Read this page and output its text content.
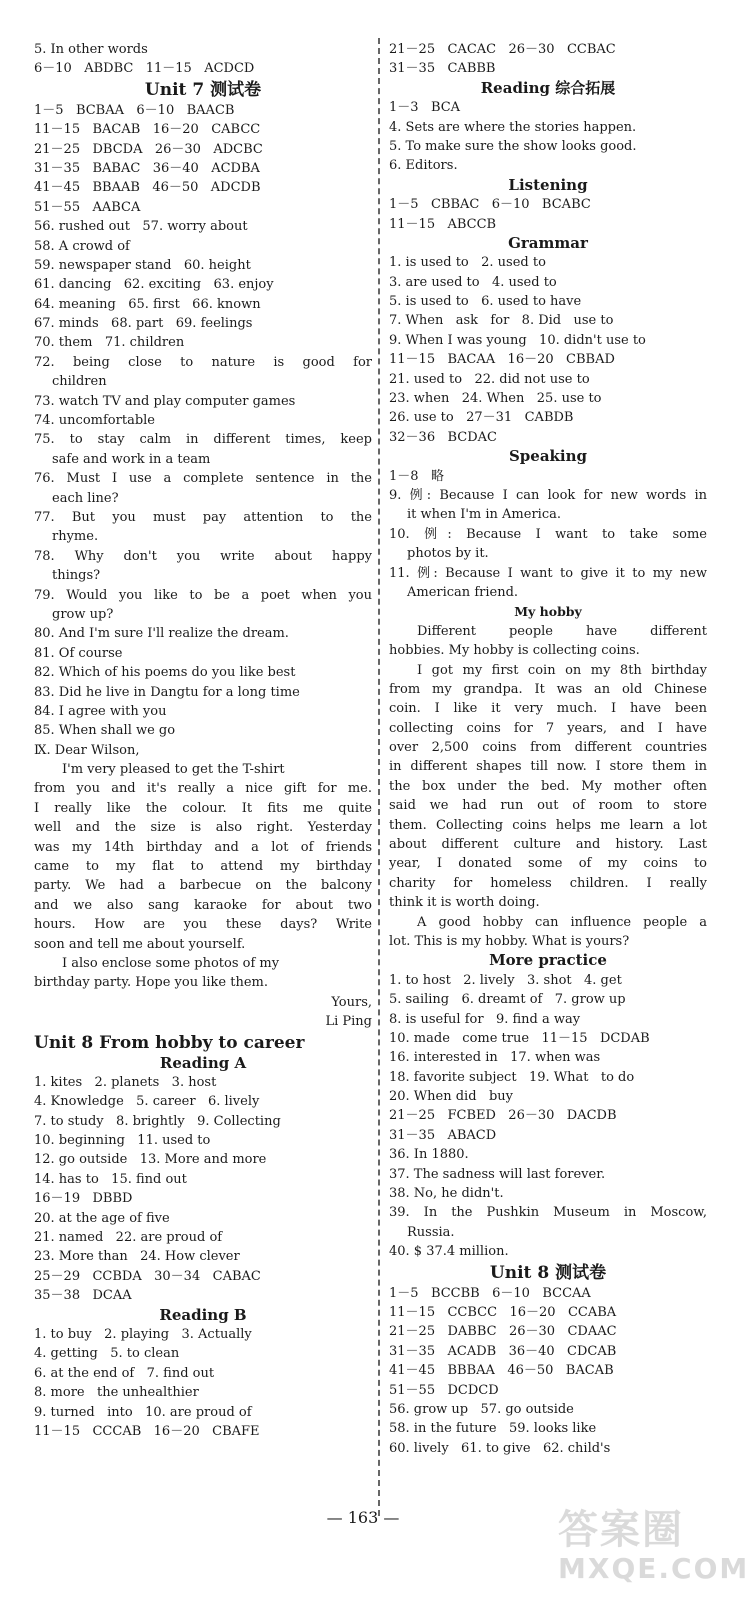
5. In other words
6－10   ABDBC   11－15   ACDCD
Unit 7 测试卷
1－5   BCBAA   6－10   BAACB
11－15   BACAB   16－20   CABCC
21－25   DBCDA   26－30   ADCBC
31－35   BABAC   36－40   ACDBA
41－45   BBAAB   46－50   ADCDB
51－55   AABCA
56. rushed out   57. worry about
58. A crowd of
59. newspaper stand   60. height
61. dancing   62. exciting   63. enjoy
64. meaning   65. first   66. known
67. minds   68. part   69. feelings
70. them   71. children
72. being close to nature is good for
children
73. watch TV and play computer games
74. uncomfortable
75. to stay calm in different times, keep
safe and work in a team
76. Must I use a complete sentence in the
each line?
77. But you must pay attention to the
rhyme.
78. Why don't you write about happy
things?
79. Would you like to be a poet when you
grow up?
80. And I'm sure I'll realize the dream.
81. Of course
82. Which of his poems do you like best
83. Did he live in Dangtu for a long time
84. I agree with you
85. When shall we go
Ⅸ. Dear Wilson,
I'm very pleased to get the T-shirt
from you and it's really a nice gift for me.
I really like the colour. It fits me quite
well and the size is also right. Yesterday
was my 14th birthday and a lot of friends
came to my flat to attend my birthday
party. We had a barbecue on the balcony
and we also sang karaoke for about two
hours. How are you these days? Write
soon and tell me about yourself.
I also enclose some photos of my
birthday party. Hope you like them.
Yours,
Li Ping
Unit 8 From hobby to career
Reading A
1. kites   2. planets   3. host
4. Knowledge   5. career   6. lively
7. to study   8. brightly   9. Collecting
10. beginning   11. used to
12. go outside   13. More and more
14. has to   15. find out
16－19   DBBD
20. at the age of five
21. named   22. are proud of
23. More than   24. How clever
25－29   CCBDA   30－34   CABAC
35－38   DCAA
Reading B
1. to buy   2. playing   3. Actually
4. getting   5. to clean
6. at the end of   7. find out
8. more   the unhealthier
9. turned   into   10. are proud of
11－15   CCCAB   16－20   CBAFE
21－25   CACAC   26－30   CCBAC
31－35   CABBB
Reading 综合拓展
1－3   BCA
4. Sets are where the stories happen.
5. To make sure the show looks good.
6. Editors.
Listening
1－5   CBBAC   6－10   BCABC
11－15   ABCCB
Grammar
1. is used to   2. used to
3. are used to   4. used to
5. is used to   6. used to have
7. When   ask   for   8. Did   use to
9. When I was young   10. didn't use to
11－15   BACAA   16－20   CBBAD
21. used to   22. did not use to
23. when   24. When   25. use to
26. use to   27－31   CABDB
32－36   BCDAC
Speaking
1－8   略
9. 例: Because I can look for new words in
it when I'm in America.
10. 例: Because I want to take some
photos by it.
11. 例: Because I want to give it to my new
American friend.
My hobby
Different people have different
hobbies. My hobby is collecting coins.
I got my first coin on my 8th birthday
from my grandpa. It was an old Chinese
coin. I like it very much. I have been
collecting coins for 7 years, and I have
over 2,500 coins from different countries
in different shapes till now. I store them in
the box under the bed. My mother often
said we had run out of room to store
them. Collecting coins helps me learn a lot
about different culture and history. Last
year, I donated some of my coins to
charity for homeless children. I really
think it is worth doing.
A good hobby can influence people a
lot. This is my hobby. What is yours?
More practice
1. to host   2. lively   3. shot   4. get
5. sailing   6. dreamt of   7. grow up
8. is useful for   9. find a way
10. made   come true   11－15   DCDAB
16. interested in   17. when was
18. favorite subject   19. What   to do
20. When did   buy
21－25   FCBED   26－30   DACDB
31－35   ABACD
36. In 1880.
37. The sadness will last forever.
38. No, he didn't.
39. In the Pushkin Museum in Moscow,
Russia.
40. $ 37.4 million.
Unit 8 测试卷
1－5   BCCBB   6－10   BCCAA
11－15   CCBCC   16－20   CCABA
21－25   DABBC   26－30   CDAAC
31－35   ACADB   36－40   CDCAB
41－45   BBBAA   46－50   BACAB
51－55   DCDCD
56. grow up   57. go outside
58. in the future   59. looks like
60. lively   61. to give   62. child's
— 163 —	答案圈
MXQE.COM
